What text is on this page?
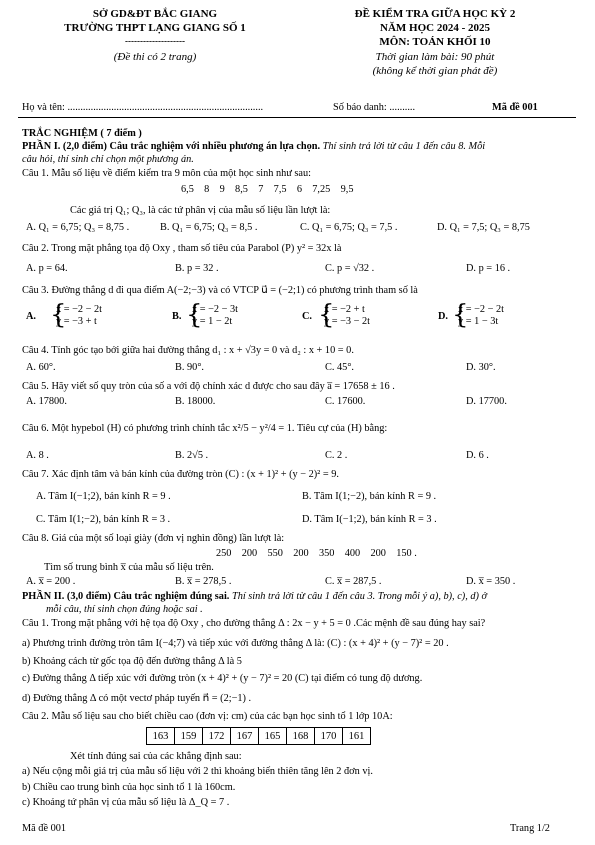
SỞ GD&ĐT BẮC GIANG
TRƯỜNG THPT LẠNG GIANG SỐ 1
--------------------
(Đề thi có 2 trang)
ĐỀ KIỂM TRA GIỮA HỌC KỲ 2
NĂM HỌC 2024 - 2025
MÔN: TOÁN KHỐI 10
Thời gian làm bài: 90 phút
(không kể thời gian phát đề)
Họ và tên: ............................................................................	Số báo danh: ..........	Mã đề 001
TRẮC NGHIỆM ( 7 điểm )
PHẦN I. (2,0 điểm) Câu trắc nghiệm với nhiều phương án lựa chọn. Thí sinh trả lời từ câu 1 đến câu 8. Mỗi
câu hỏi, thí sinh chỉ chọn một phương án.
Câu 1. Mẫu số liệu về điểm kiểm tra 9 môn của một học sinh như sau:
6,5    8    9    8,5    7    7,5    6    7,25    9,5
Các giá trị Q₁; Q₃, là các tứ phân vị của mẫu số liệu lần lượt là:
A. Q₁ = 6,75; Q₃ = 8,75 .	B. Q₁ = 6,75; Q₃ = 8,5 .	C. Q₁ = 6,75; Q₃ = 7,5 .	D. Q₁ = 7,5; Q₃ = 8,75
Câu 2. Trong mặt phẳng tọa độ Oxy , tham số tiêu của Parabol (P) y² = 32x là
A. p = 64.	B. p = 32 .	C. p = √32 .	D. p = 16 .
Câu 3. Đường thẳng d đi qua điểm A(−2;−3) và có VTCP u⃗ = (−2;1) có phương trình tham số là
A. {
x = −2 − 2t
y = −3 + t	B. {
x = −2 − 3t
y = 1 − 2t	C. {
x = −2 + t
y = −3 − 2t	D. {
x = −2 − 2t
y = 1 − 3t
Câu 4. Tính góc tạo bởi giữa hai đường thẳng d₁ : x + √3y = 0 và d₂ : x + 10 = 0.
A. 60°.	B. 90°.	C. 45°.	D. 30°.
Câu 5. Hãy viết số quy tròn của số a với độ chính xác d được cho sau đây a̅ = 17658 ± 16 .
A. 17800.	B. 18000.	C. 17600.	D. 17700.
Câu 6. Một hypebol (H) có phương trình chính tắc x²/5 − y²/4 = 1. Tiêu cự của (H) bằng:
A. 8 .	B. 2√5 .	C. 2 .	D. 6 .
Câu 7. Xác định tâm và bán kính của đường tròn (C) : (x + 1)² + (y − 2)² = 9.
A. Tâm I(−1;2), bán kính R = 9 .	B. Tâm I(1;−2), bán kính R = 9 .
C. Tâm I(1;−2), bán kính R = 3 .	D. Tâm I(−1;2), bán kính R = 3 .
Câu 8. Giá của một số loại giày (đơn vị nghìn đồng) lần lượt là:
250    200    550    200    350    400    200    150 .
Tìm số trung bình x̅ của mẫu số liệu trên.
A. x̅ = 200 .	B. x̅ = 278,5 .	C. x̅ = 287,5 .	D. x̅ = 350 .
PHẦN II. (3,0 điểm) Câu trắc nghiệm đúng sai. Thí sinh trả lời từ câu 1 đến câu 3. Trong mỗi ý a), b), c), d) ở
mỗi câu, thí sinh chọn đúng hoặc sai .
Câu 1. Trong mặt phẳng với hệ tọa độ Oxy , cho đường thẳng Δ : 2x − y + 5 = 0 .Các mệnh đề sau đúng hay sai?
a) Phương trình đường tròn tâm I(−4;7) và tiếp xúc với đường thẳng Δ là: (C) : (x + 4)² + (y − 7)² = 20 .
b) Khoảng cách từ gốc tọa độ đến đường thẳng Δ là 5
c) Đường thẳng Δ tiếp xúc với đường tròn (x + 4)² + (y − 7)² = 20 (C) tại điểm có tung độ dương.
d) Đường thẳng Δ có một vectơ pháp tuyến n⃗ = (2;−1) .
Câu 2. Mẫu số liệu sau cho biết chiều cao (đơn vị: cm) của các bạn học sinh tổ 1 lớp 10A:
163	159	172	167	165	168	170	161
Xét tính đúng sai của các khẳng định sau:
a) Nếu cộng mỗi giá trị của mẫu số liệu với 2 thì khoảng biến thiên tăng lên 2 đơn vị.
b) Chiều cao trung bình của học sinh tổ 1 là 160cm.
c) Khoảng tứ phân vị của mẫu số liệu là Δ_Q = 7 .
Mã đề 001	Trang 1/2
